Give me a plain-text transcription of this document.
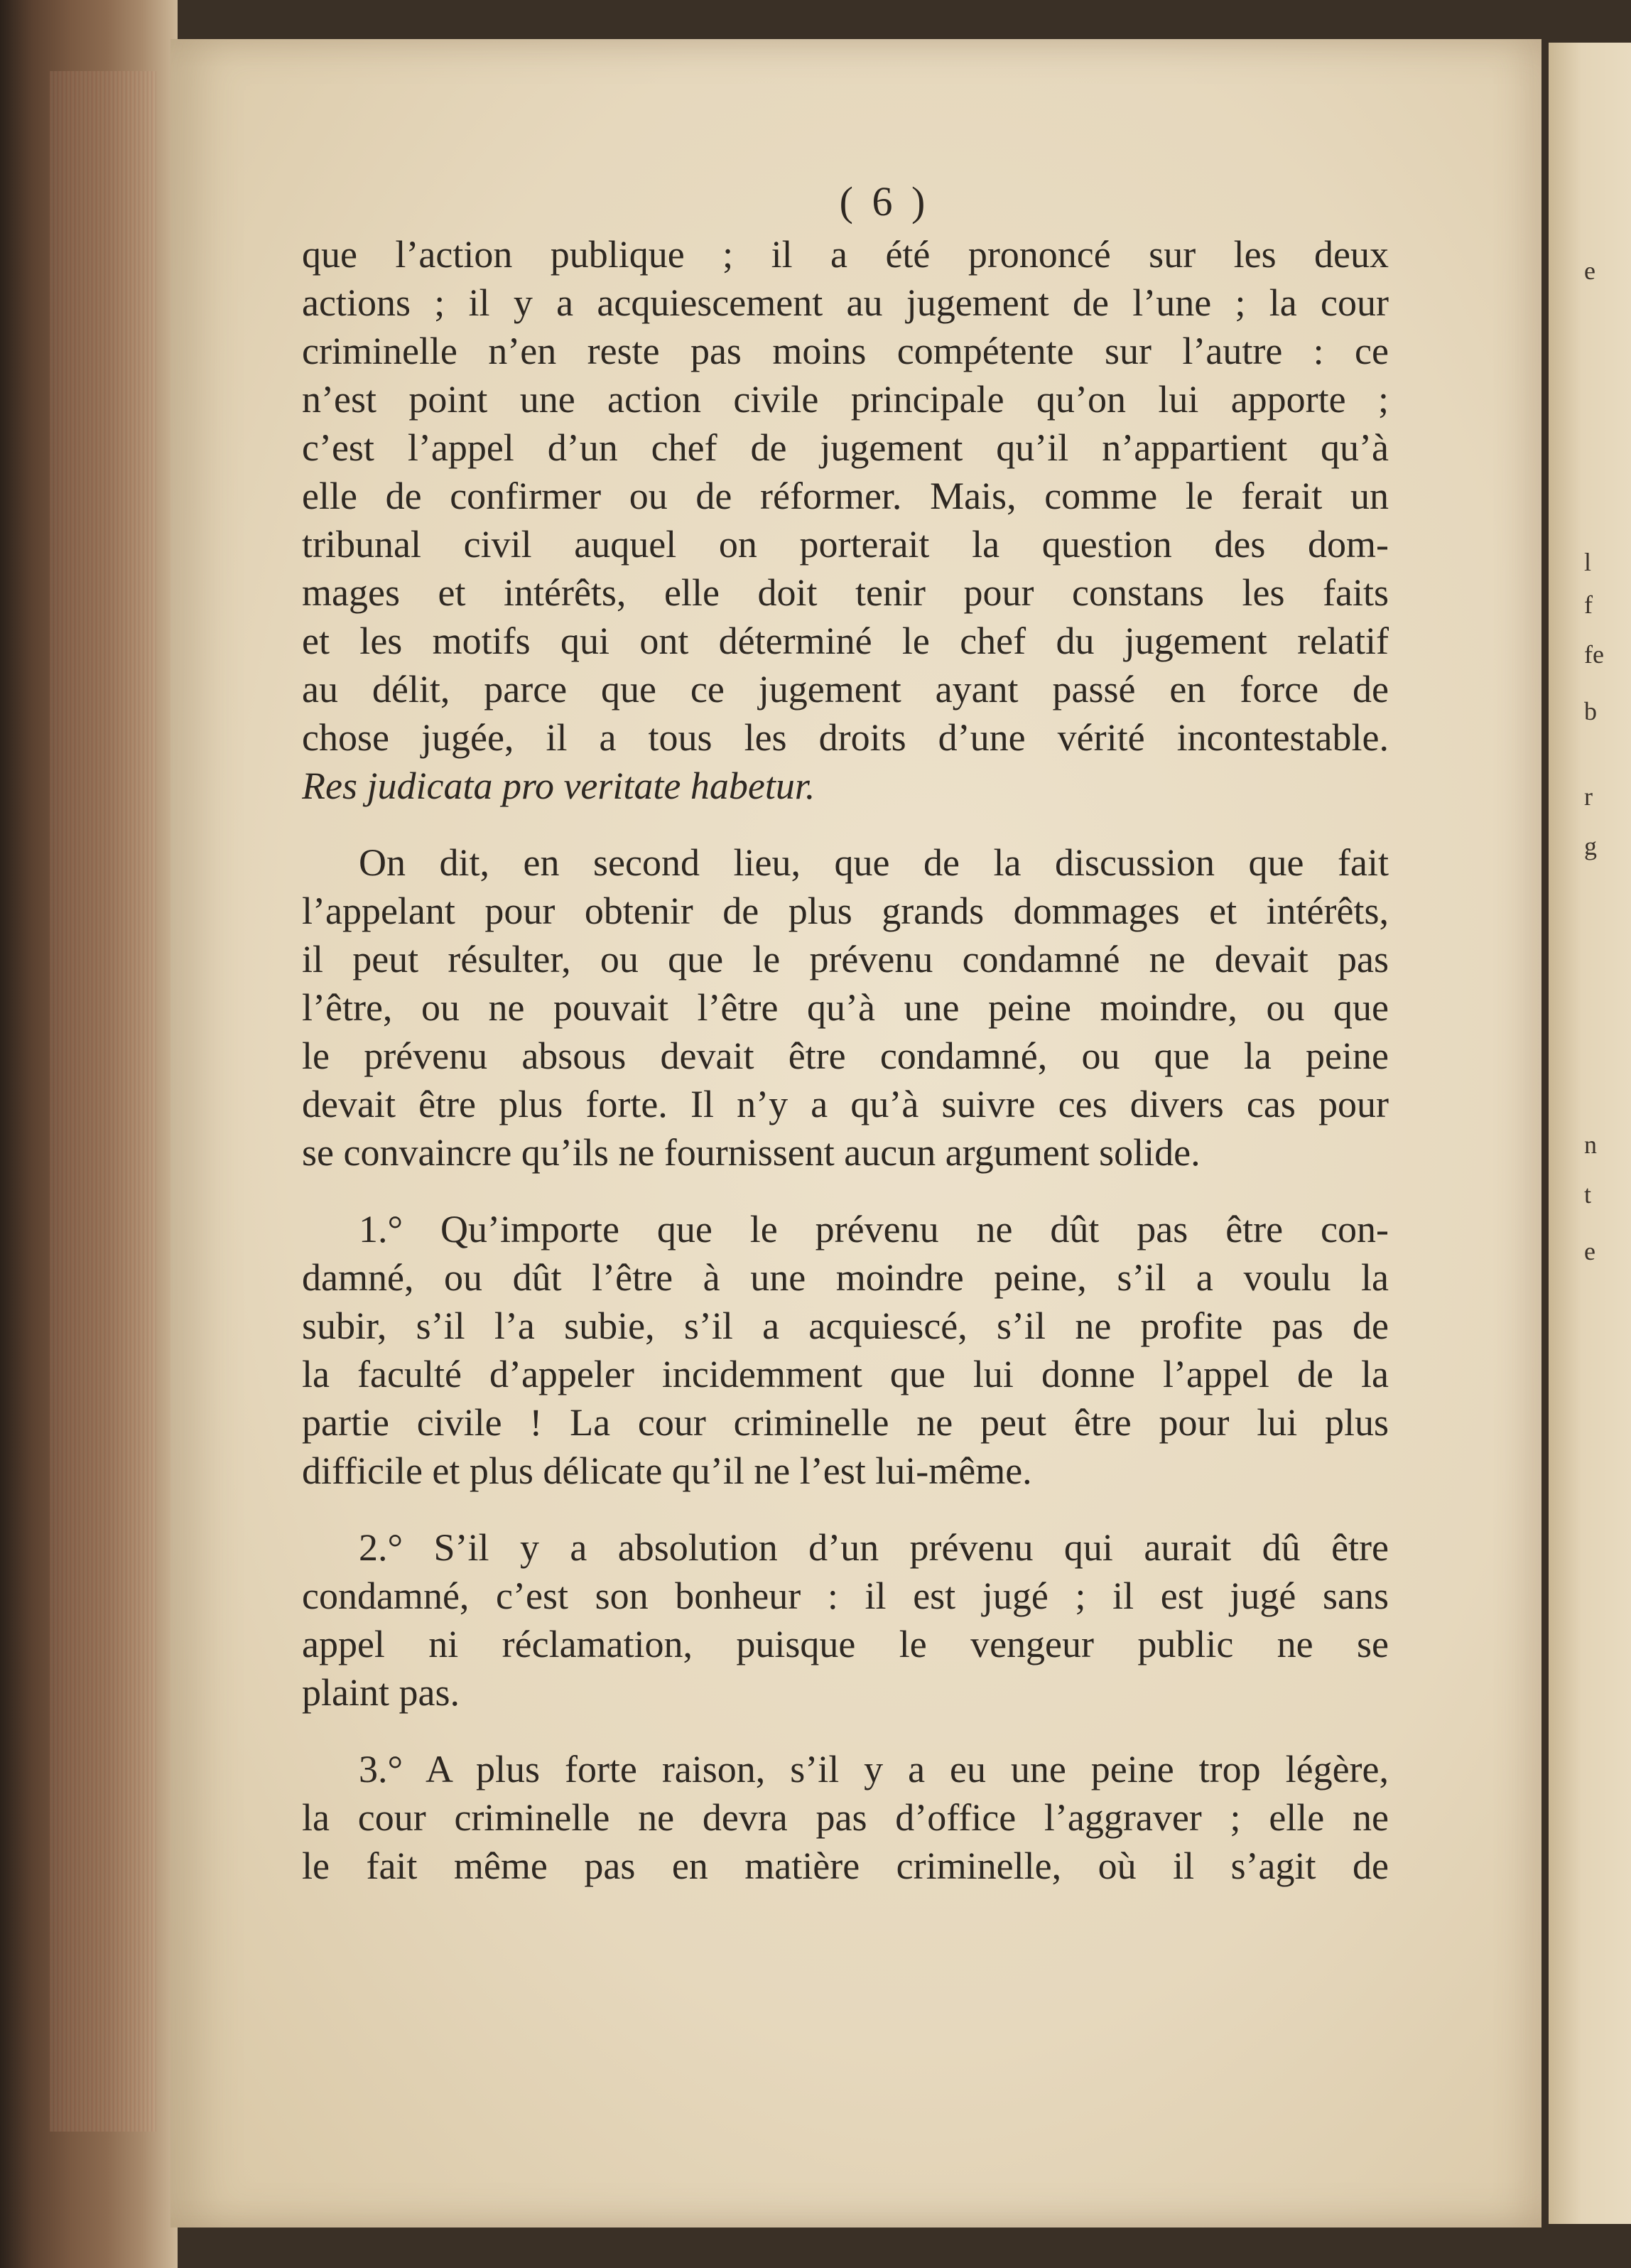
e
l
f
fe
b
r
g
n
t
e
( 6 )
que l’action publique ; il a été prononcé sur les deux
actions ; il y a acquiescement au jugement de l’une ; la cour
criminelle n’en reste pas moins compétente sur l’autre : ce
n’est point une action civile principale qu’on lui apporte ;
c’est l’appel d’un chef de jugement qu’il n’appartient qu’à
elle de confirmer ou de réformer. Mais, comme le ferait un
tribunal civil auquel on porterait la question des dom-
mages et intérêts, elle doit tenir pour constans les faits
et les motifs qui ont déterminé le chef du jugement relatif
au délit, parce que ce jugement ayant passé en force de
chose jugée, il a tous les droits d’une vérité incontestable.
Res judicata pro veritate habetur.
On dit, en second lieu, que de la discussion que fait
l’appelant pour obtenir de plus grands dommages et intérêts,
il peut résulter, ou que le prévenu condamné ne devait pas
l’être, ou ne pouvait l’être qu’à une peine moindre, ou que
le prévenu absous devait être condamné, ou que la peine
devait être plus forte. Il n’y a qu’à suivre ces divers cas pour
se convaincre qu’ils ne fournissent aucun argument solide.
1.° Qu’importe que le prévenu ne dût pas être con-
damné, ou dût l’être à une moindre peine, s’il a voulu la
subir, s’il l’a subie, s’il a acquiescé, s’il ne profite pas de
la faculté d’appeler incidemment que lui donne l’appel de la
partie civile ! La cour criminelle ne peut être pour lui plus
difficile et plus délicate qu’il ne l’est lui-même.
2.° S’il y a absolution d’un prévenu qui aurait dû être
condamné, c’est son bonheur : il est jugé ; il est jugé sans
appel ni réclamation, puisque le vengeur public ne se
plaint pas.
3.° A plus forte raison, s’il y a eu une peine trop légère,
la cour criminelle ne devra pas d’office l’aggraver ; elle ne
le fait même pas en matière criminelle, où il s’agit de
